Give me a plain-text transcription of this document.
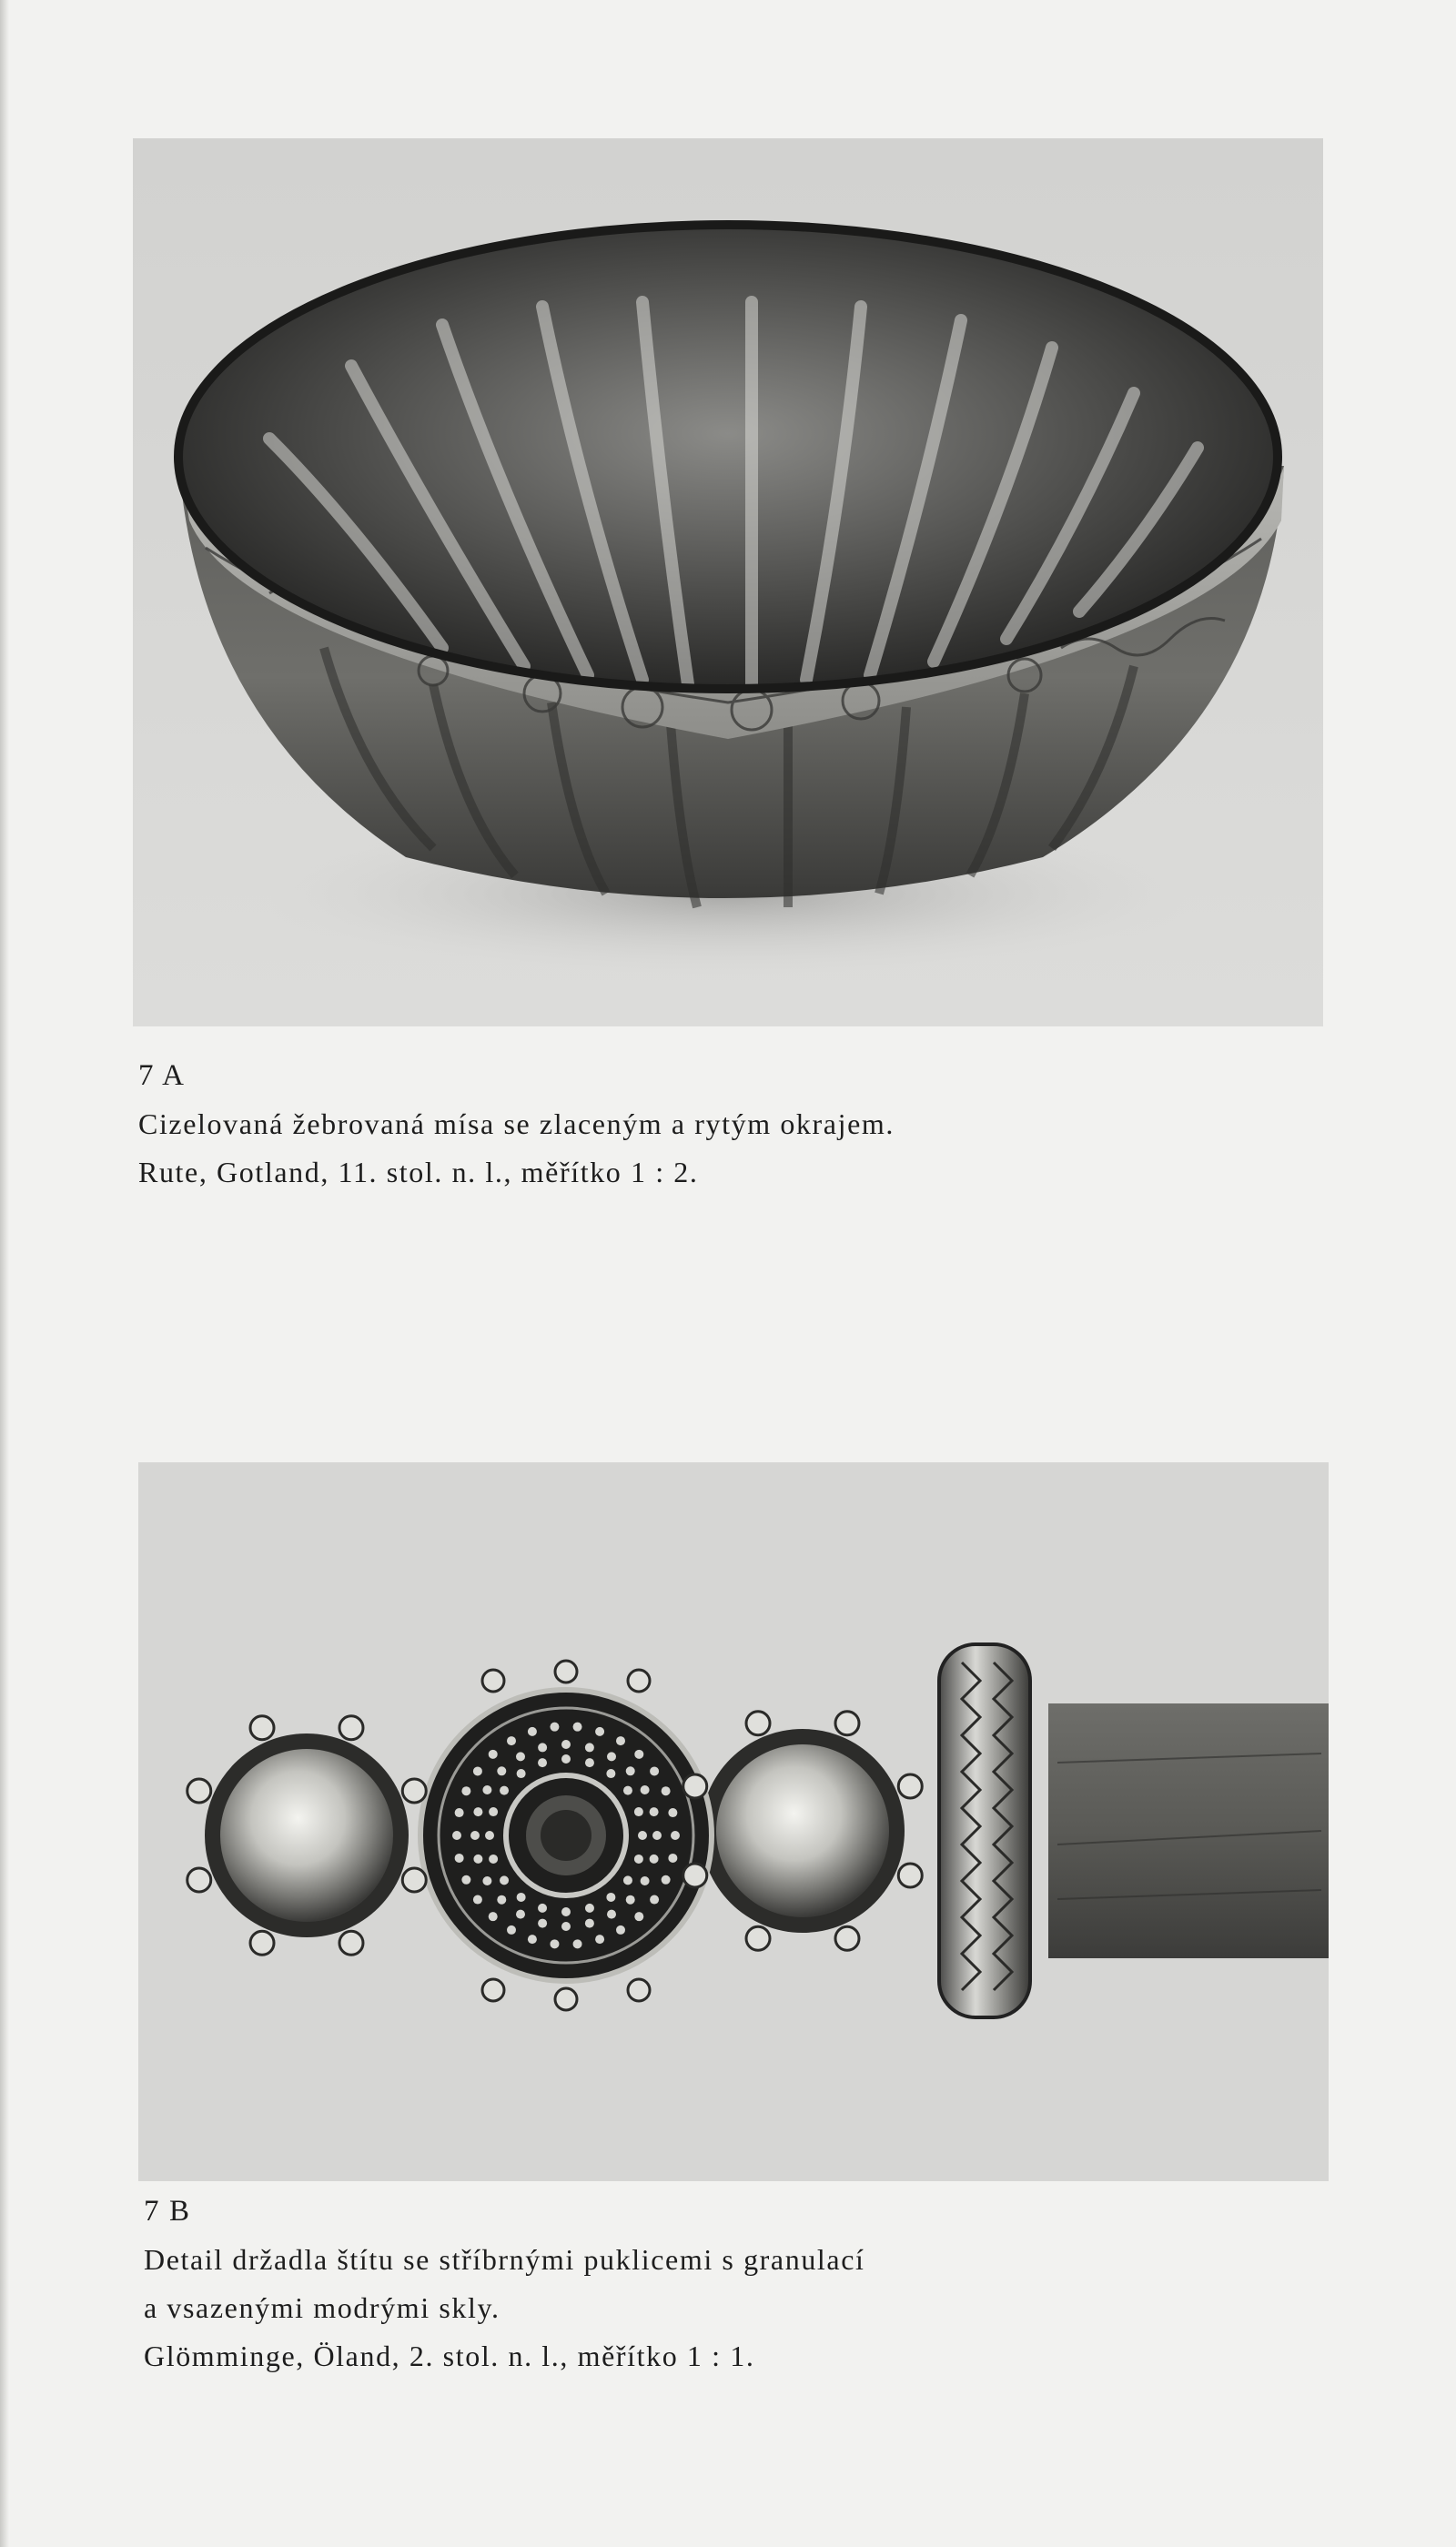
7 A
Cizelovaná žebrovaná mísa se zlaceným a rytým okrajem.
Rute, Gotland, 11. stol. n. l., měřítko 1 : 2.
7 B
Detail držadla štítu se stříbrnými puklicemi s granulací
a vsazenými modrými skly.
Glömminge, Öland, 2. stol. n. l., měřítko 1 : 1.
